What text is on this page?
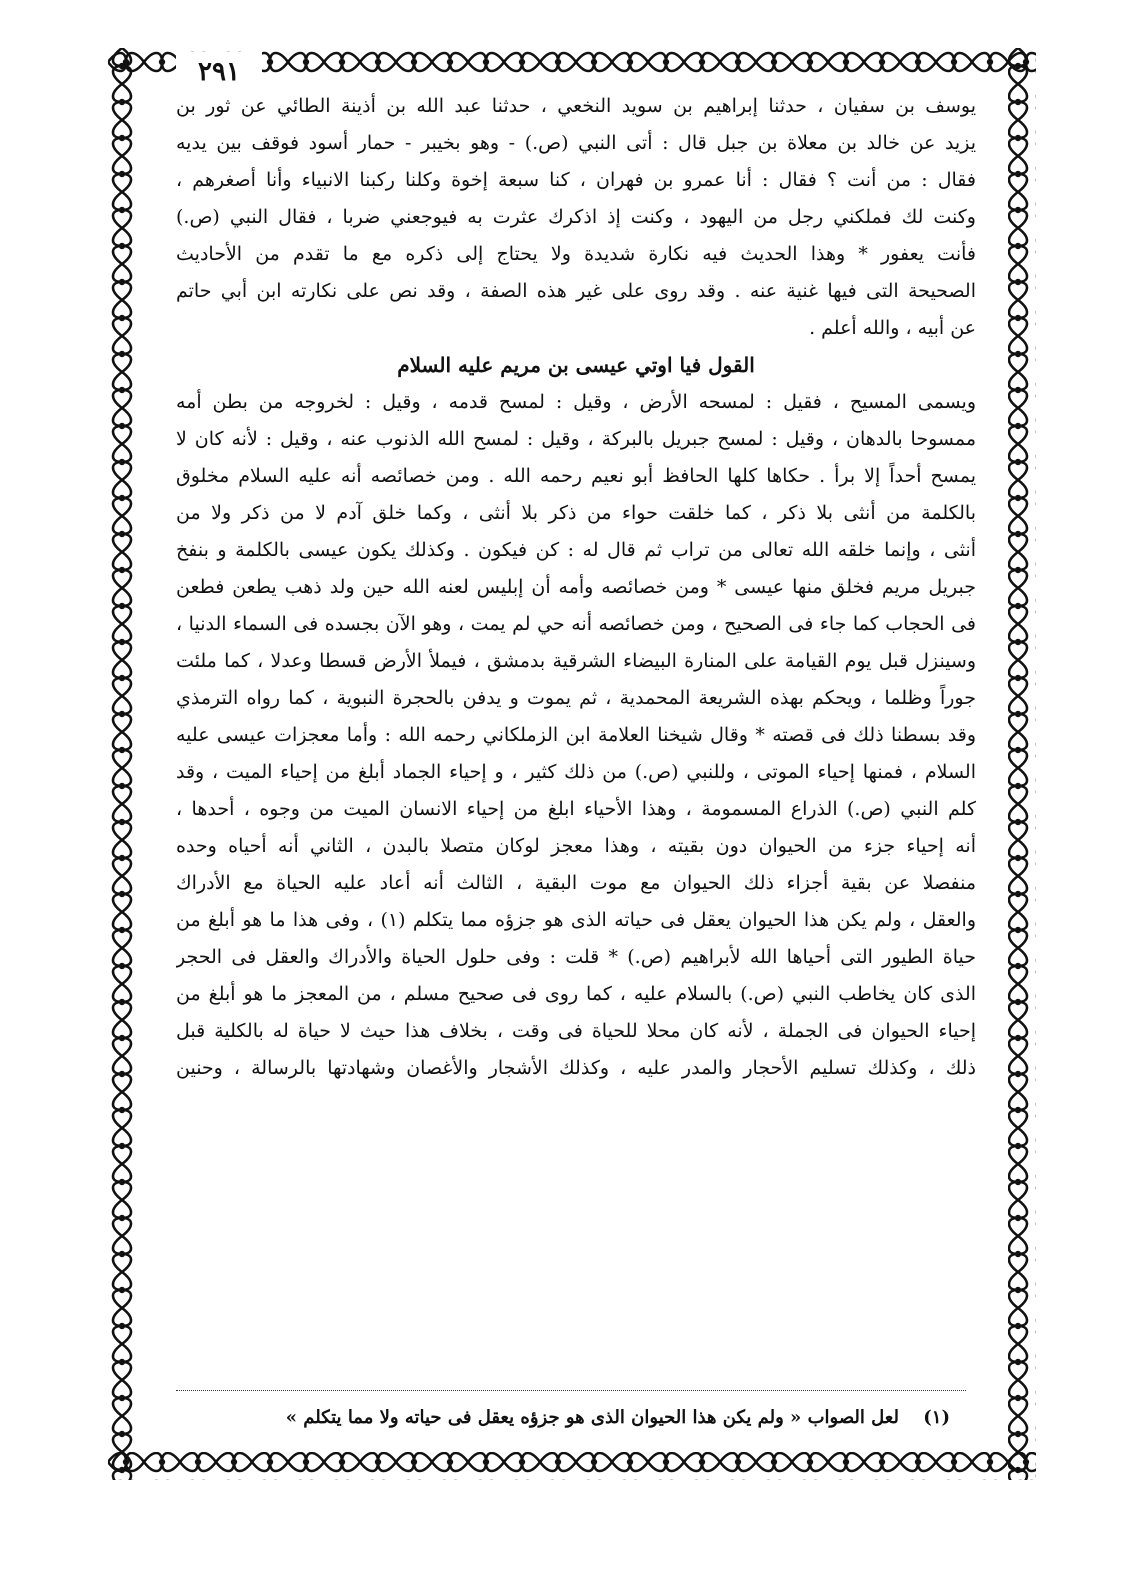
٢٩١
يوسف بن سفيان ، حدثنا إبراهيم بن سويد النخعي ، حدثنا عبد الله بن أذينة الطائي عن ثور بن
يزيد عن خالد بن معلاة بن جبل قال : أتى النبي (ص.) - وهو بخيبر - حمار أسود فوقف بين يديه
فقال : من أنت ؟ فقال : أنا عمرو بن فهران ، كنا سبعة إخوة وكلنا ركبنا الانبياء وأنا أصغرهم ،
وكنت لك فملكني رجل من اليهود ، وكنت إذ اذكرك عثرت به فيوجعني ضربا ، فقال النبي (ص.)
فأنت يعفور * وهذا الحديث فيه نكارة شديدة ولا يحتاج إلى ذكره مع ما تقدم من الأحاديث
الصحيحة التى فيها غنية عنه . وقد روى على غير هذه الصفة ، وقد نص على نكارته ابن أبي حاتم
عن أبيه ، والله أعلم .
القول فيا اوتي عيسى بن مريم عليه السلام
ويسمى المسيح ، فقيل : لمسحه الأرض ، وقيل : لمسح قدمه ، وقيل : لخروجه من بطن أمه
ممسوحا بالدهان ، وقيل : لمسح جبريل بالبركة ، وقيل : لمسح الله الذنوب عنه ، وقيل : لأنه كان لا
يمسح أحداً إلا برأ . حكاها كلها الحافظ أبو نعيم رحمه الله . ومن خصائصه أنه عليه السلام مخلوق
بالكلمة من أنثى بلا ذكر ، كما خلقت حواء من ذكر بلا أنثى ، وكما خلق آدم لا من ذكر ولا من
أنثى ، وإنما خلقه الله تعالى من تراب ثم قال له : كن فيكون . وكذلك يكون عيسى بالكلمة و بنفخ
جبريل مريم فخلق منها عيسى * ومن خصائصه وأمه أن إبليس لعنه الله حين ولد ذهب يطعن فطعن
فى الحجاب كما جاء فى الصحيح ، ومن خصائصه أنه حي لم يمت ، وهو الآن بجسده فى السماء الدنيا ،
وسينزل قبل يوم القيامة على المنارة البيضاء الشرقية بدمشق ، فيملأ الأرض قسطا وعدلا ، كما ملئت
جوراً وظلما ، ويحكم بهذه الشريعة المحمدية ، ثم يموت و يدفن بالحجرة النبوية ، كما رواه الترمذي
وقد بسطنا ذلك فى قصته * وقال شيخنا العلامة ابن الزملكاني رحمه الله : وأما معجزات عيسى عليه
السلام ، فمنها إحياء الموتى ، وللنبي (ص.) من ذلك كثير ، و إحياء الجماد أبلغ من إحياء الميت ، وقد
كلم النبي (ص.) الذراع المسمومة ، وهذا الأحياء ابلغ من إحياء الانسان الميت من وجوه ، أحدها ،
أنه إحياء جزء من الحيوان دون بقيته ، وهذا معجز لوكان متصلا بالبدن ، الثاني أنه أحياه وحده
منفصلا عن بقية أجزاء ذلك الحيوان مع موت البقية ، الثالث أنه أعاد عليه الحياة مع الأدراك
والعقل ، ولم يكن هذا الحيوان يعقل فى حياته الذى هو جزؤه مما يتكلم (١) ، وفى هذا ما هو أبلغ من
حياة الطيور التى أحياها الله لأبراهيم (ص.) * قلت : وفى حلول الحياة والأدراك والعقل فى الحجر
الذى كان يخاطب النبي (ص.) بالسلام عليه ، كما روى فى صحيح مسلم ، من المعجز ما هو أبلغ من
إحياء الحيوان فى الجملة ، لأنه كان محلا للحياة فى وقت ، بخلاف هذا حيث لا حياة له بالكلية قبل
ذلك ، وكذلك تسليم الأحجار والمدر عليه ، وكذلك الأشجار والأغصان وشهادتها بالرسالة ، وحنين
(١) لعل الصواب « ولم يكن هذا الحيوان الذى هو جزؤه يعقل فى حياته ولا مما يتكلم »
